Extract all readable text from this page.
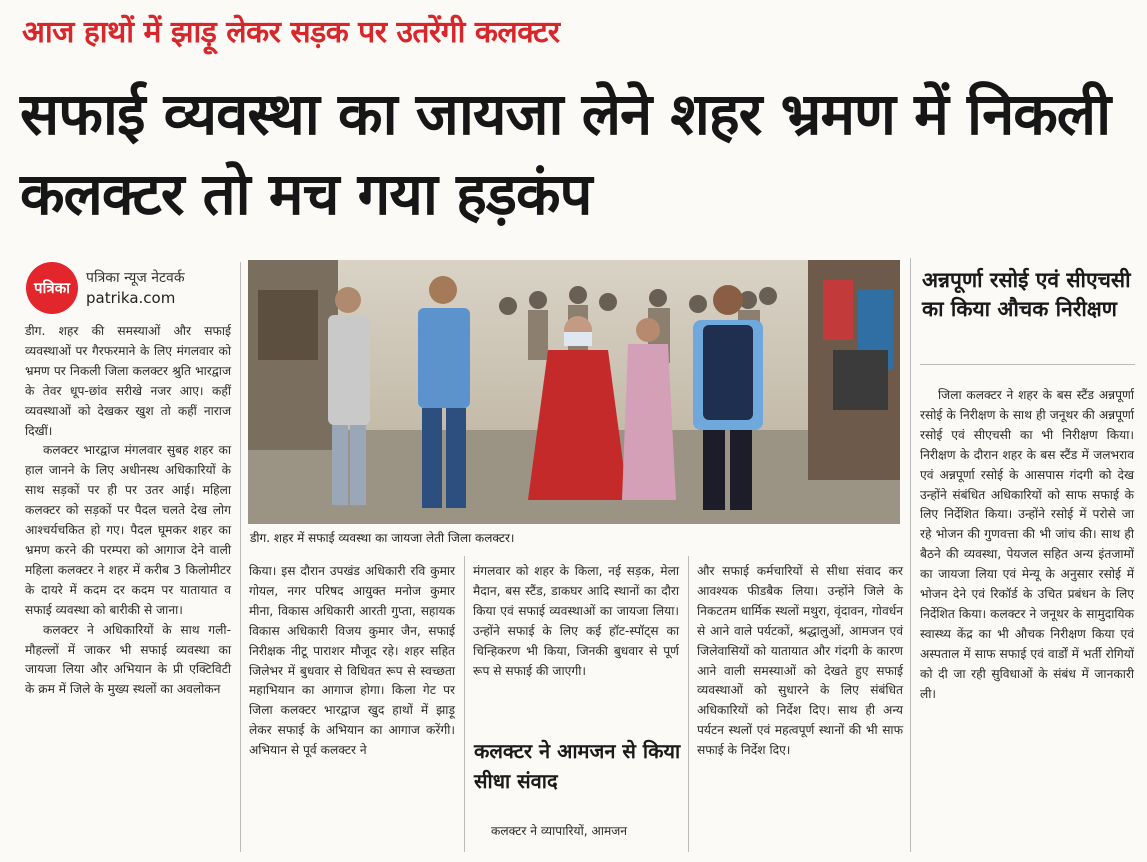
आज हाथों में झाड़ू लेकर सड़क पर उतरेंगी कलक्टर
सफाई व्यवस्था का जायजा लेने शहर भ्रमण में निकली कलक्टर तो मच गया हड़कंप
पत्रिका
पत्रिका न्यूज नेटवर्क
patrika.com
डीग. शहर में सफाई व्यवस्था का जायजा लेती जिला कलक्टर।

डीग. शहर की समस्याओं और सफाई व्यवस्थाओं पर गैरफरमाने के लिए मंगलवार को भ्रमण पर निकली जिला कलक्टर श्रुति भारद्वाज के तेवर धूप-छांव सरीखे नजर आए। कहीं व्यवस्थाओं को देखकर खुश तो कहीं नाराज दिखीं।

कलक्टर भारद्वाज मंगलवार सुबह शहर का हाल जानने के लिए अधीनस्थ अधिकारियों के साथ सड़कों पर ही पर उतर आई। महिला कलक्टर को सड़कों पर पैदल चलते देख लोग आश्चर्यचकित हो गए। पैदल घूमकर शहर का भ्रमण करने की परम्परा को आगाज देने वाली महिला कलक्टर ने शहर में करीब 3 किलोमीटर के दायरे में कदम दर कदम पर यातायात व सफाई व्यवस्था को बारीकी से जाना।

कलक्टर ने अधिकारियों के साथ गली-मौहल्लों में जाकर भी सफाई व्यवस्था का जायजा लिया और अभियान के प्री एक्टिविटी के क्रम में जिले के मुख्य स्थलों का अवलोकन

किया। इस दौरान उपखंड अधिकारी रवि कुमार गोयल, नगर परिषद आयुक्त मनोज कुमार मीना, विकास अधिकारी आरती गुप्ता, सहायक विकास अधिकारी विजय कुमार जैन, सफाई निरीक्षक नीटू पाराशर मौजूद रहे। शहर सहित जिलेभर में बुधवार से विधिवत रूप से स्वच्छता महाभियान का आगाज होगा। किला गेट पर जिला कलक्टर भारद्वाज खुद हाथों में झाड़ू लेकर सफाई के अभियान का आगाज करेंगी। अभियान से पूर्व कलक्टर ने

मंगलवार को शहर के किला, नई सड़क, मेला मैदान, बस स्टैंड, डाकघर आदि स्थानों का दौरा किया एवं सफाई व्यवस्थाओं का जायजा लिया। उन्होंने सफाई के लिए कई हॉट-स्पॉट्स का चिन्हिकरण भी किया, जिनकी बुधवार से पूर्ण रूप से सफाई की जाएगी।

कलक्टर ने आमजन से किया सीधा संवाद

कलक्टर ने व्यापारियों, आमजन

और सफाई कर्मचारियों से सीधा संवाद कर आवश्यक फीडबैक लिया। उन्होंने जिले के निकटतम धार्मिक स्थलों मथुरा, वृंदावन, गोवर्धन से आने वाले पर्यटकों, श्रद्धालुओं, आमजन एवं जिलेवासियों को यातायात और गंदगी के कारण आने वाली समस्याओं को देखते हुए सफाई व्यवस्थाओं को सुधारने के लिए संबंधित अधिकारियों को निर्देश दिए। साथ ही अन्य पर्यटन स्थलों एवं महत्वपूर्ण स्थानों की भी साफ सफाई के निर्देश दिए।

अन्नपूर्णा रसोई एवं सीएचसी का किया औचक निरीक्षण

जिला कलक्टर ने शहर के बस स्टैंड अन्नपूर्णा रसोई के निरीक्षण के साथ ही जनूथर की अन्नपूर्णा रसोई एवं सीएचसी का भी निरीक्षण किया। निरीक्षण के दौरान शहर के बस स्टैंड में जलभराव एवं अन्नपूर्णा रसोई के आसपास गंदगी को देख उन्होंने संबंधित अधिकारियों को साफ सफाई के लिए निर्देशित किया। उन्होंने रसोई में परोसे जा रहे भोजन की गुणवत्ता की भी जांच की। साथ ही बैठने की व्यवस्था, पेयजल सहित अन्य इंतजामों का जायजा लिया एवं मेन्यू के अनुसार रसोई में भोजन देने एवं रिकॉर्ड के उचित प्रबंधन के लिए निर्देशित किया। कलक्टर ने जनूथर के सामुदायिक स्वास्थ्य केंद्र का भी औचक निरीक्षण किया एवं अस्पताल में साफ सफाई एवं वार्डों में भर्ती रोगियों को दी जा रही सुविधाओं के संबंध में जानकारी ली।
